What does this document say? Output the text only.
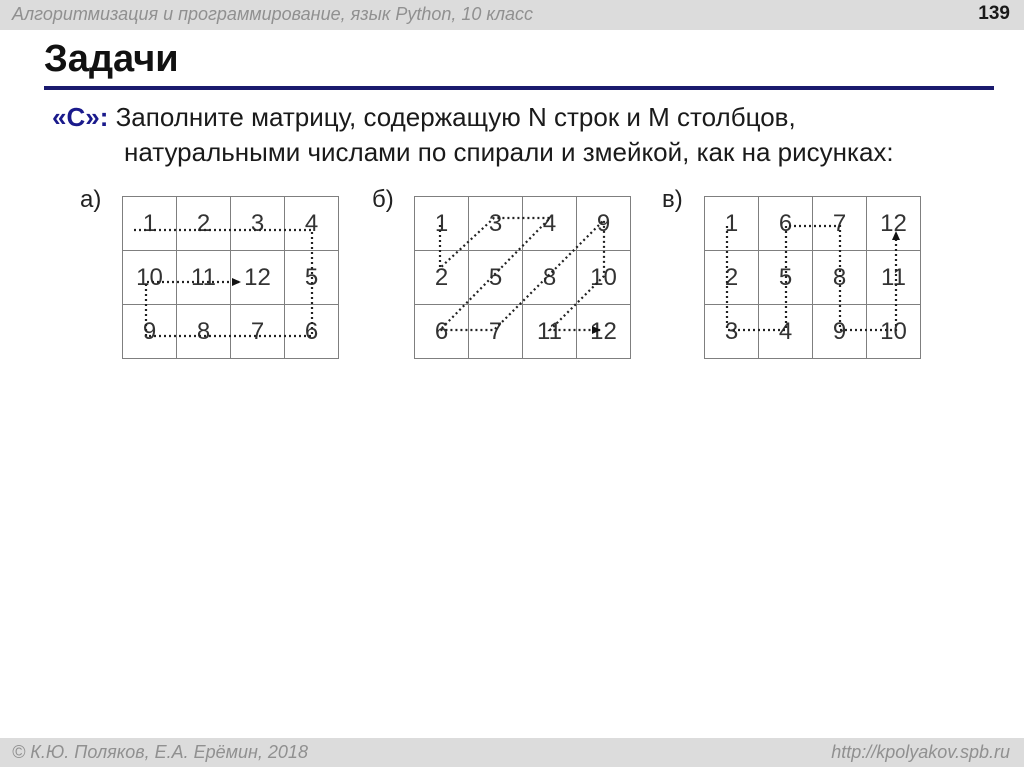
Алгоритмизация и программирование, язык Python, 10 класс	139
Задачи
«C»: Заполните матрицу, содержащую N строк и M столбцов,
натуральными числами по спирали и змейкой, как на рисунках:
а)
1	2	3	4
10	11	12	5
9	8	7	6
б)
1	3	4	9
2	5	8	10
6	7	11	12
в)
1	6	7	12
2	5	8	11
3	4	9	10
© К.Ю. Поляков, Е.А. Ерёмин, 2018	http://kpolyakov.spb.ru
